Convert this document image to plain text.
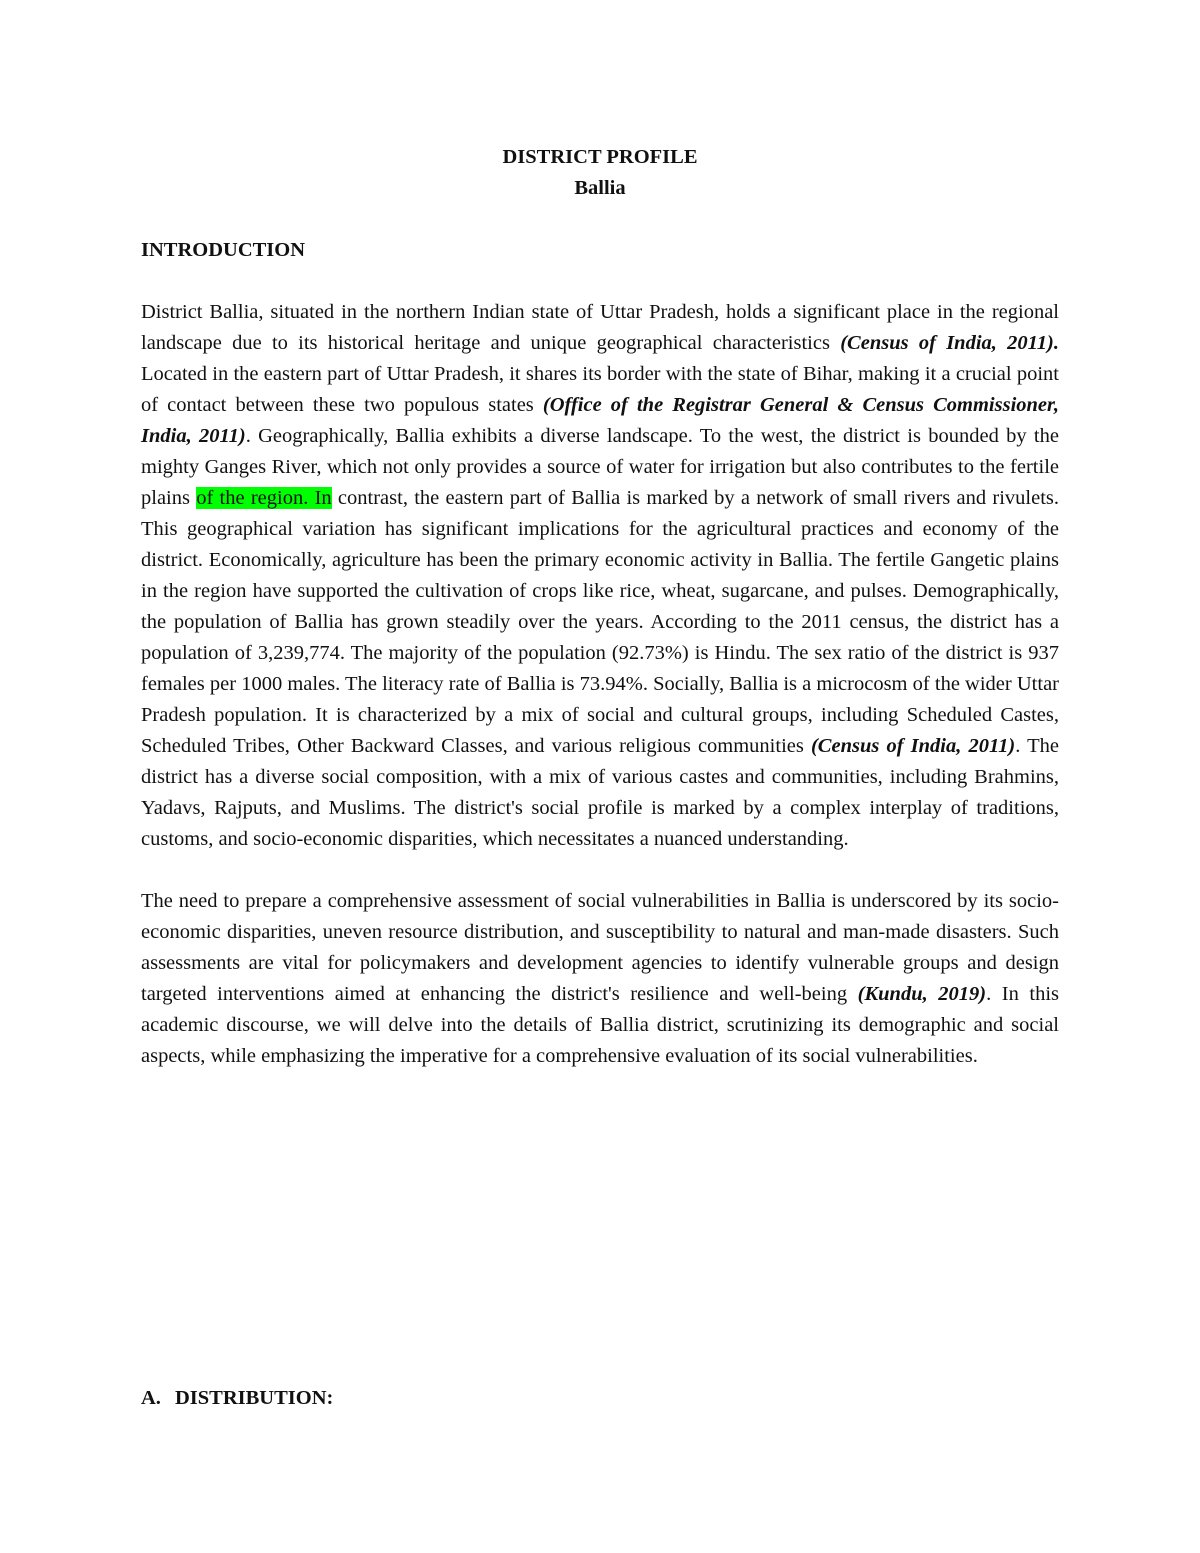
DISTRICT PROFILE
Ballia
INTRODUCTION

District Ballia, situated in the northern Indian state of Uttar Pradesh, holds a significant place in the regional landscape due to its historical heritage and unique geographical characteristics (Census of India, 2011). Located in the eastern part of Uttar Pradesh, it shares its border with the state of Bihar, making it a crucial point of contact between these two populous states (Office of the Registrar General & Census Commissioner, India, 2011). Geographically, Ballia exhibits a diverse landscape. To the west, the district is bounded by the mighty Ganges River, which not only provides a source of water for irrigation but also contributes to the fertile plains of the region. In contrast, the eastern part of Ballia is marked by a network of small rivers and rivulets. This geographical variation has significant implications for the agricultural practices and economy of the district. Economically, agriculture has been the primary economic activity in Ballia. The fertile Gangetic plains in the region have supported the cultivation of crops like rice, wheat, sugarcane, and pulses. Demographically, the population of Ballia has grown steadily over the years. According to the 2011 census, the district has a population of 3,239,774. The majority of the population (92.73%) is Hindu. The sex ratio of the district is 937 females per 1000 males. The literacy rate of Ballia is 73.94%. Socially, Ballia is a microcosm of the wider Uttar Pradesh population. It is characterized by a mix of social and cultural groups, including Scheduled Castes, Scheduled Tribes, Other Backward Classes, and various religious communities (Census of India, 2011). The district has a diverse social composition, with a mix of various castes and communities, including Brahmins, Yadavs, Rajputs, and Muslims. The district's social profile is marked by a complex interplay of traditions, customs, and socio-economic disparities, which necessitates a nuanced understanding.

The need to prepare a comprehensive assessment of social vulnerabilities in Ballia is underscored by its socio-economic disparities, uneven resource distribution, and susceptibility to natural and man-made disasters. Such assessments are vital for policymakers and development agencies to identify vulnerable groups and design targeted interventions aimed at enhancing the district's resilience and well-being (Kundu, 2019). In this academic discourse, we will delve into the details of Ballia district, scrutinizing its demographic and social aspects, while emphasizing the imperative for a comprehensive evaluation of its social vulnerabilities.

A. DISTRIBUTION:
